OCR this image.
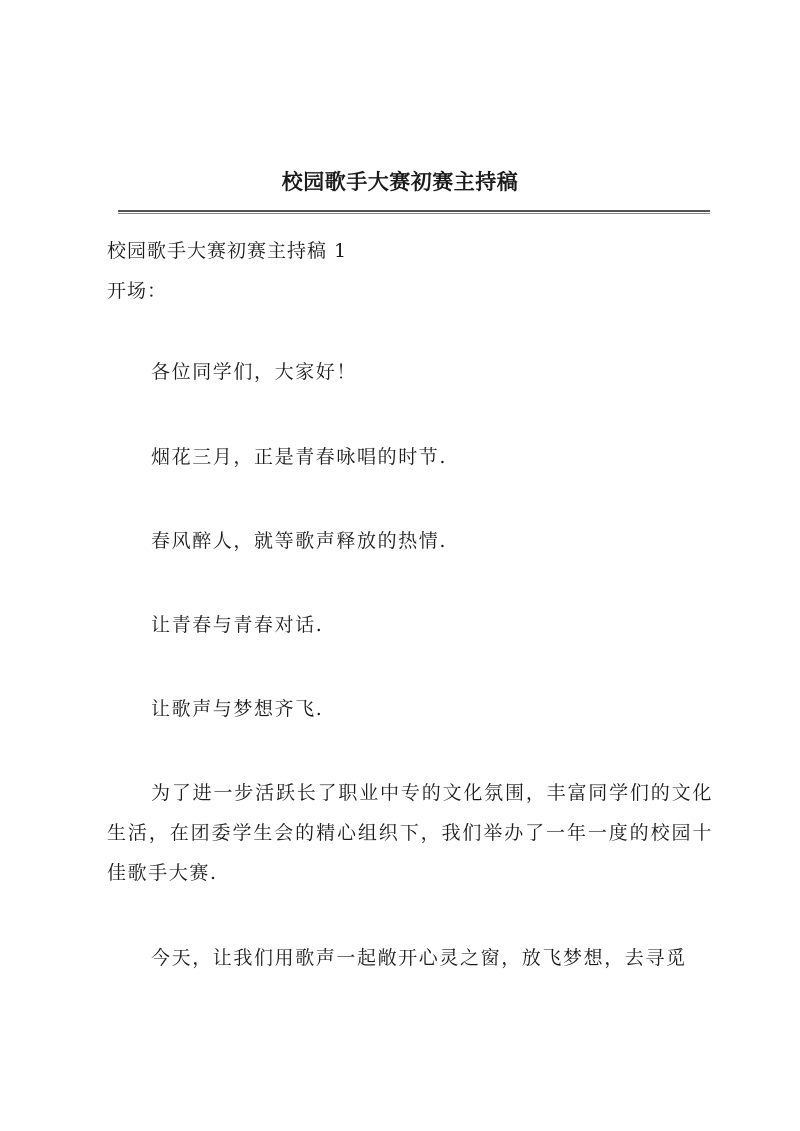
校园歌手大赛初赛主持稿
校园歌手大赛初赛主持稿 1
开场：
各位同学们，大家好！
烟花三月，正是青春咏唱的时节.
春风醉人，就等歌声释放的热情.
让青春与青春对话.
让歌声与梦想齐飞.
为了进一步活跃长了职业中专的文化氛围，丰富同学们的文化生活，在团委学生会的精心组织下，我们举办了一年一度的校园十佳歌手大赛.
今天，让我们用歌声一起敞开心灵之窗，放飞梦想，去寻觅
